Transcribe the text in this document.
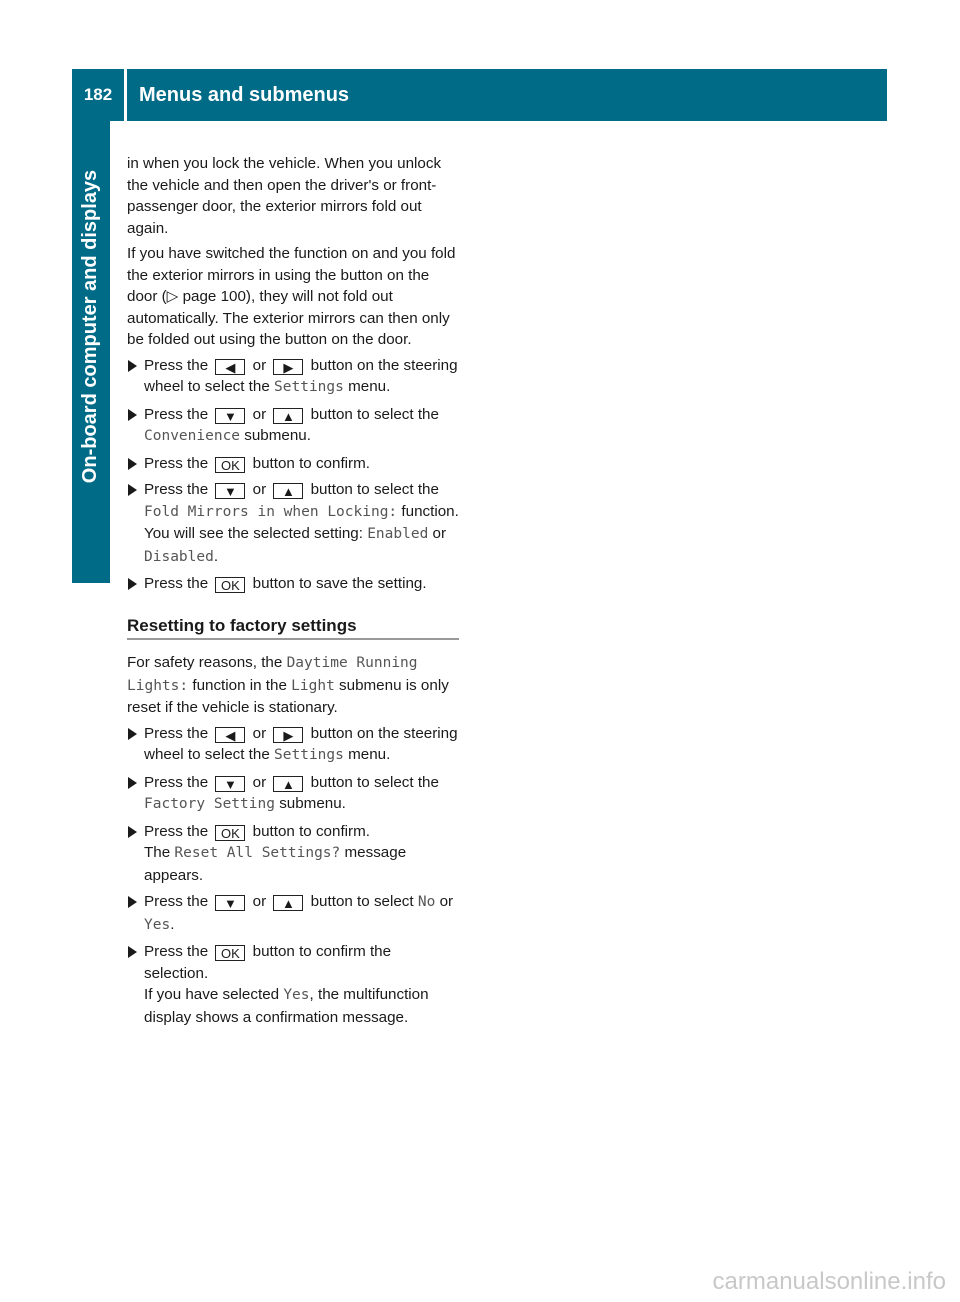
182	Menus and submenus
On-board computer and displays

in when you lock the vehicle. When you unlock the vehicle and then open the driver's or front-passenger door, the exterior mirrors fold out again.

If you have switched the function on and you fold the exterior mirrors in using the button on the door (▷ page 100), they will not fold out automatically. The exterior mirrors can then only be folded out using the button on the door.

Press the ◀ or ▶ button on the steering wheel to select the Settings menu.
Press the ▼ or ▲ button to select the Convenience submenu.
Press the OK button to confirm.
Press the ▼ or ▲ button to select the Fold Mirrors in when Locking: function.
You will see the selected setting: Enabled or Disabled.
Press the OK button to save the setting.
Resetting to factory settings

For safety reasons, the Daytime Running Lights: function in the Light submenu is only reset if the vehicle is stationary.

Press the ◀ or ▶ button on the steering wheel to select the Settings menu.
Press the ▼ or ▲ button to select the Factory Setting submenu.
Press the OK button to confirm.
The Reset All Settings? message appears.
Press the ▼ or ▲ button to select No or Yes.
Press the OK button to confirm the selection.
If you have selected Yes, the multifunction display shows a confirmation message.
carmanualsonline.info
